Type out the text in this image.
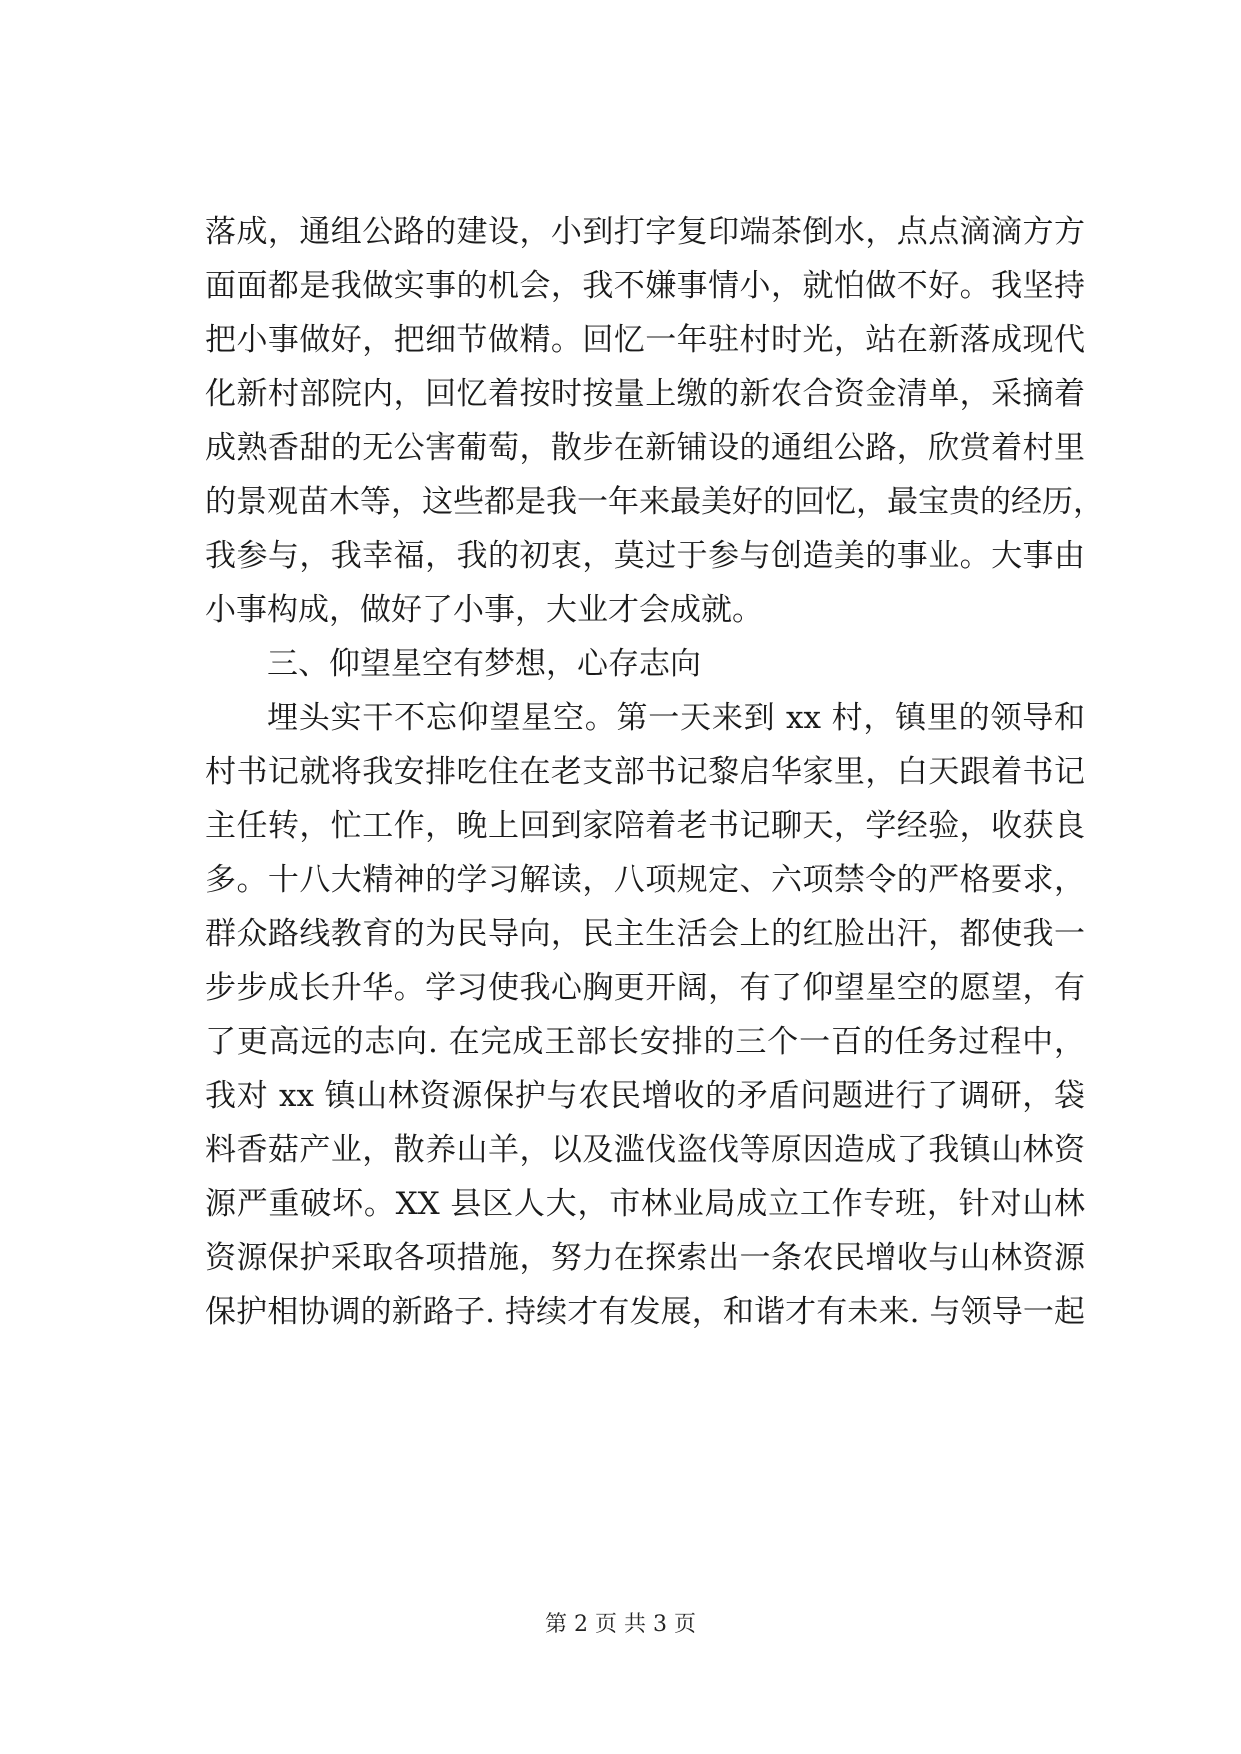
落成，通组公路的建设，小到打字复印端茶倒水，点点滴滴方方
面面都是我做实事的机会，我不嫌事情小，就怕做不好。我坚持
把小事做好，把细节做精。回忆一年驻村时光，站在新落成现代
化新村部院内，回忆着按时按量上缴的新农合资金清单，采摘着
成熟香甜的无公害葡萄，散步在新铺设的通组公路，欣赏着村里
的景观苗木等，这些都是我一年来最美好的回忆，最宝贵的经历，
我参与，我幸福，我的初衷，莫过于参与创造美的事业。大事由
小事构成，做好了小事，大业才会成就。
三、仰望星空有梦想，心存志向
埋头实干不忘仰望星空。第一天来到 xx 村，镇里的领导和
村书记就将我安排吃住在老支部书记黎启华家里，白天跟着书记
主任转，忙工作，晚上回到家陪着老书记聊天，学经验，收获良
多。十八大精神的学习解读，八项规定、六项禁令的严格要求，
群众路线教育的为民导向，民主生活会上的红脸出汗，都使我一
步步成长升华。学习使我心胸更开阔，有了仰望星空的愿望，有
了更高远的志向. 在完成王部长安排的三个一百的任务过程中，
我对 xx 镇山林资源保护与农民增收的矛盾问题进行了调研，袋
料香菇产业，散养山羊，以及滥伐盗伐等原因造成了我镇山林资
源严重破坏。XX 县区人大，市林业局成立工作专班，针对山林
资源保护采取各项措施，努力在探索出一条农民增收与山林资源
保护相协调的新路子. 持续才有发展，和谐才有未来. 与领导一起
第 2 页 共 3 页
